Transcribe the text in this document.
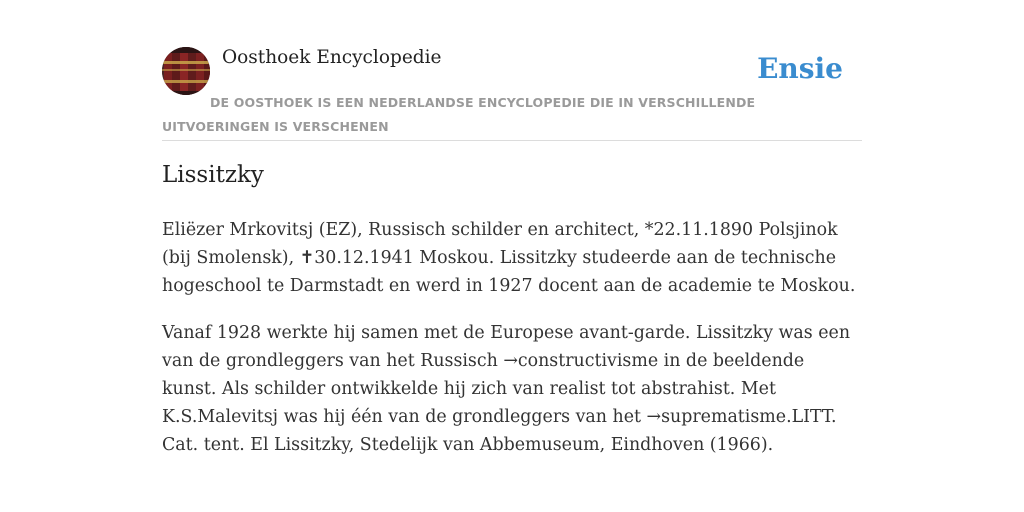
Oosthoek Encyclopedie	Ensie

DE OOSTHOEK IS EEN NEDERLANDSE ENCYCLOPEDIE DIE IN VERSCHILLENDE UITVOERINGEN IS VERSCHENEN

Lissitzky

Eliëzer Mrkovitsj (EZ), Russisch schilder en architect, *22.11.1890 Polsjinok (bij Smolensk), ✝30.12.1941 Moskou. Lissitzky studeerde aan de technische hogeschool te Darmstadt en werd in 1927 docent aan de academie te Moskou.

Vanaf 1928 werkte hij samen met de Europese avant-garde. Lissitzky was een van de grondleggers van het Russisch →constructivisme in de beeldende kunst. Als schilder ontwikkelde hij zich van realist tot abstrahist. Met K.S.Malevitsj was hij één van de grondleggers van het →suprematisme.LITT. Cat. tent. El Lissitzky, Stedelijk van Abbemuseum, Eindhoven (1966).
